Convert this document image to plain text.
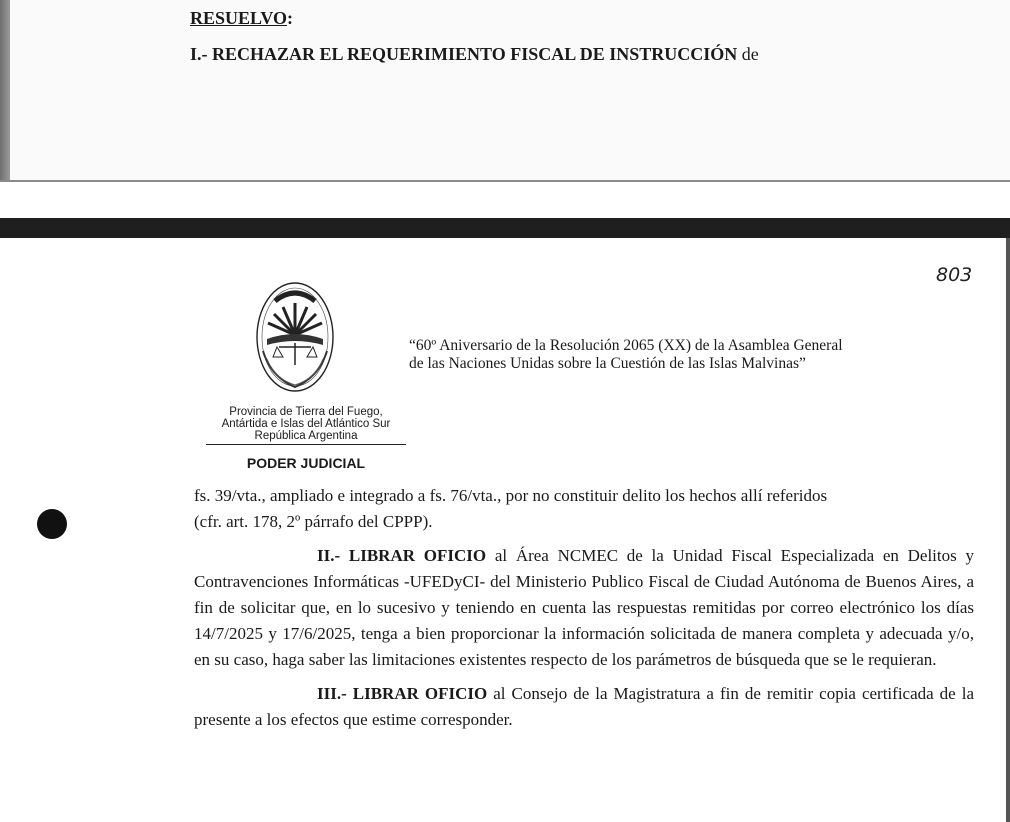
RESUELVO:
I.- RECHAZAR EL REQUERIMIENTO FISCAL DE INSTRUCCIÓN de
803
“60º Aniversario de la Resolución 2065 (XX) de la Asamblea General
de las Naciones Unidas sobre la Cuestión de las Islas Malvinas”
Provincia de Tierra del Fuego,
Antártida e Islas del Atlántico Sur
República Argentina
PODER JUDICIAL

fs. 39/vta., ampliado e integrado a fs. 76/vta., por no constituir delito los hechos allí referidos
(cfr. art. 178, 2º párrafo del CPPP).

II.- LIBRAR OFICIO al Área NCMEC de la Unidad Fiscal Especializada en Delitos y Contravenciones Informáticas -UFEDyCI- del Ministerio Publico Fiscal de Ciudad Autónoma de Buenos Aires, a fin de solicitar que, en lo sucesivo y teniendo en cuenta las respuestas remitidas por correo electrónico los días 14/7/2025 y 17/6/2025, tenga a bien proporcionar la información solicitada de manera completa y adecuada y/o, en su caso, haga saber las limitaciones existentes respecto de los parámetros de búsqueda que se le requieran.

III.- LIBRAR OFICIO al Consejo de la Magistratura a fin de remitir copia certificada de la presente a los efectos que estime corresponder.
